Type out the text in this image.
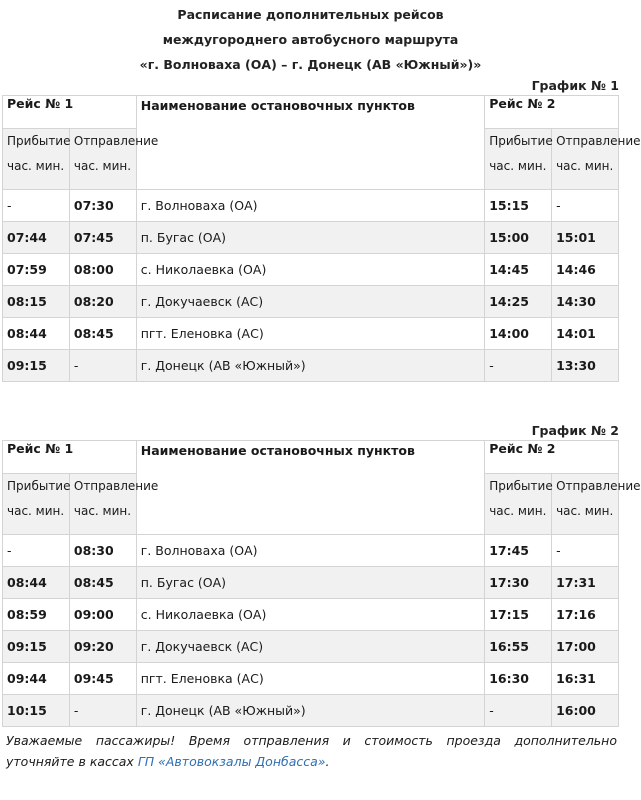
Расписание дополнительных рейсов
междугороднего автобусного маршрута
«г. Волноваха (ОА) – г. Донецк (АВ «Южный»)»
График № 1
Рейс № 1		Наименование остановочных пунктов	Рейс № 2	
Прибытие час. мин.	Отправление час. мин.		Прибытие час. мин.	Отправление час. мин.
-	07:30	г. Волноваха (ОА)	15:15	-
07:44	07:45	п. Бугас (ОА)	15:00	15:01
07:59	08:00	с. Николаевка (ОА)	14:45	14:46
08:15	08:20	г. Докучаевск (АС)	14:25	14:30
08:44	08:45	пгт. Еленовка (АС)	14:00	14:01
09:15	-	г. Донецк (АВ «Южный»)	-	13:30
График № 2
Рейс № 1		Наименование остановочных пунктов	Рейс № 2	
Прибытие час. мин.	Отправление час. мин.		Прибытие час. мин.	Отправление час. мин.
-	08:30	г. Волноваха (ОА)	17:45	-
08:44	08:45	п. Бугас (ОА)	17:30	17:31
08:59	09:00	с. Николаевка (ОА)	17:15	17:16
09:15	09:20	г. Докучаевск (АС)	16:55	17:00
09:44	09:45	пгт. Еленовка (АС)	16:30	16:31
10:15	-	г. Донецк (АВ «Южный»)	-	16:00
Уважаемые пассажиры! Время отправления и стоимость проезда дополнительно уточняйте в кассах ГП «Автовокзалы Донбасса».
